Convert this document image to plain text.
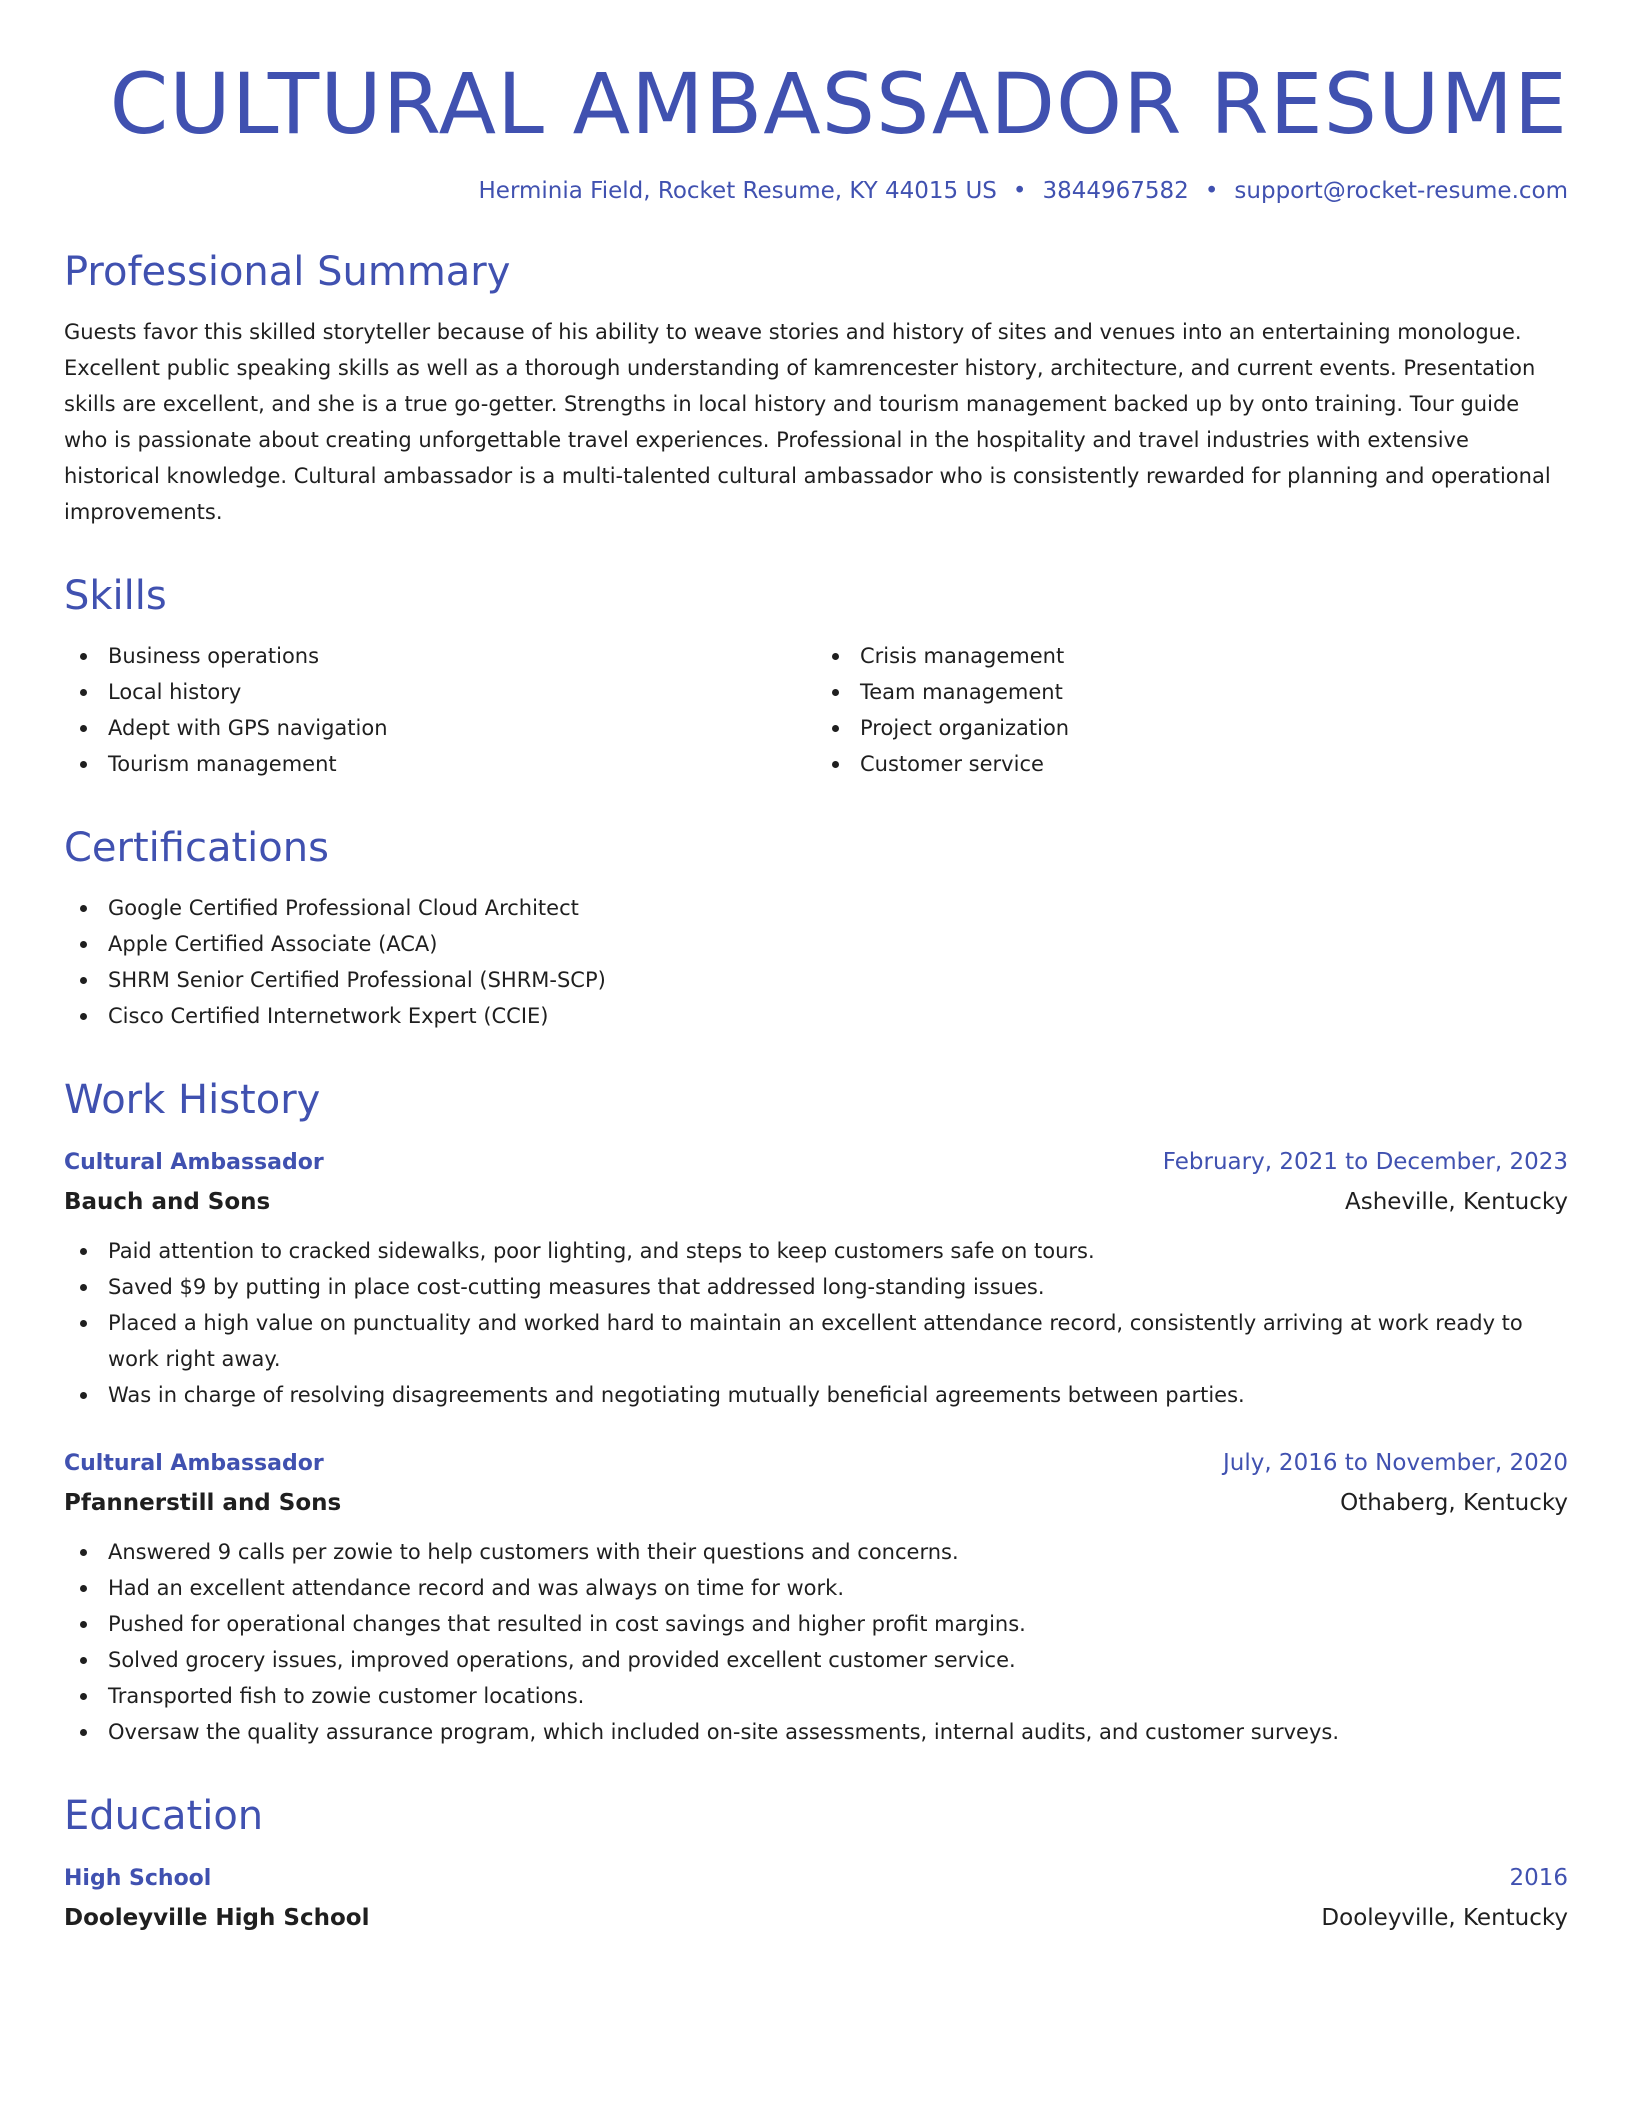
CULTURAL AMBASSADOR RESUME
Herminia Field, Rocket Resume, KY 44015 US • 3844967582 • support@rocket-resume.com
Professional Summary

Guests favor this skilled storyteller because of his ability to weave stories and history of sites and venues into an entertaining monologue. Excellent public speaking skills as well as a thorough understanding of kamrencester history, architecture, and current events. Presentation skills are excellent, and she is a true go-getter. Strengths in local history and tourism management backed up by onto training. Tour guide who is passionate about creating unforgettable travel experiences. Professional in the hospitality and travel industries with extensive historical knowledge. Cultural ambassador is a multi-talented cultural ambassador who is consistently rewarded for planning and operational improvements.

Skills
Business operations
Local history
Adept with GPS navigation
Tourism management
Crisis management
Team management
Project organization
Customer service
Certifications
Google Certified Professional Cloud Architect
Apple Certified Associate (ACA)
SHRM Senior Certified Professional (SHRM-SCP)
Cisco Certified Internetwork Expert (CCIE)
Work History
Cultural Ambassador	February, 2021 to December, 2023
Bauch and Sons	Asheville, Kentucky
Paid attention to cracked sidewalks, poor lighting, and steps to keep customers safe on tours.
Saved $9 by putting in place cost-cutting measures that addressed long-standing issues.
Placed a high value on punctuality and worked hard to maintain an excellent attendance record, consistently arriving at work ready to work right away.
Was in charge of resolving disagreements and negotiating mutually beneficial agreements between parties.
Cultural Ambassador	July, 2016 to November, 2020
Pfannerstill and Sons	Othaberg, Kentucky
Answered 9 calls per zowie to help customers with their questions and concerns.
Had an excellent attendance record and was always on time for work.
Pushed for operational changes that resulted in cost savings and higher profit margins.
Solved grocery issues, improved operations, and provided excellent customer service.
Transported fish to zowie customer locations.
Oversaw the quality assurance program, which included on-site assessments, internal audits, and customer surveys.
Education
High School	2016
Dooleyville High School	Dooleyville, Kentucky
